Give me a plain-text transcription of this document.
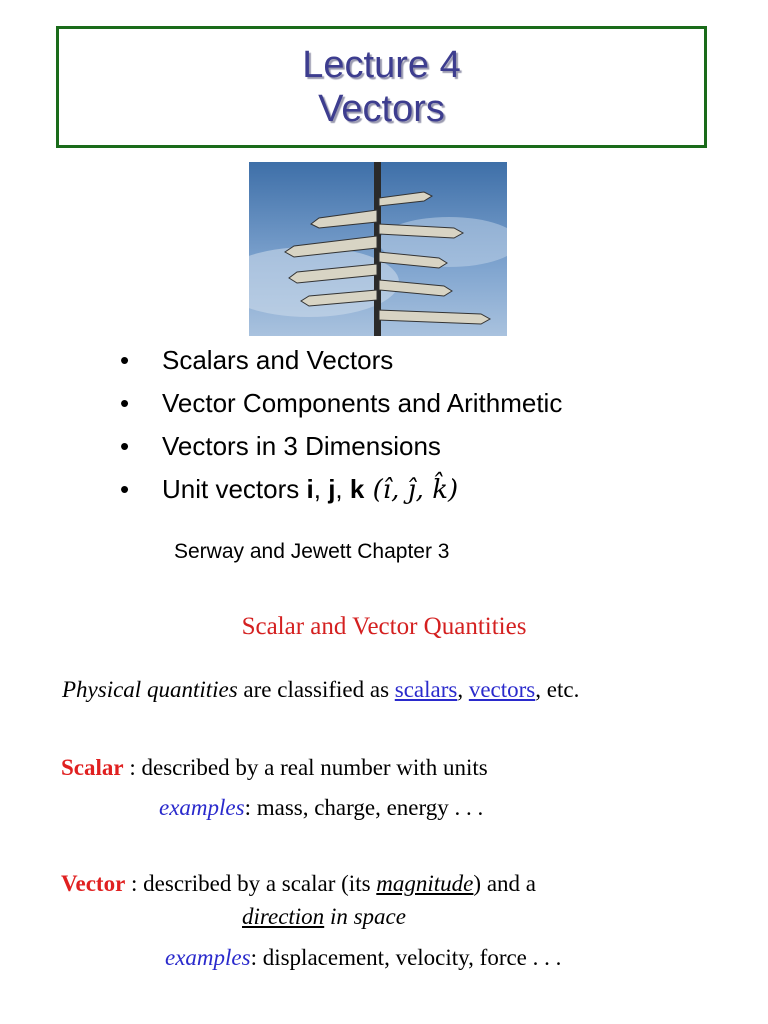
Lecture 4
Vectors
•	Scalars and Vectors
•	Vector Components and Arithmetic
•	Vectors in 3 Dimensions
•	Unit vectors i, j, k (î, ĵ, k̂)
Serway and Jewett Chapter 3
Scalar and Vector Quantities
Physical quantities are classified as scalars, vectors, etc.
Scalar : described by a real number with units
examples: mass, charge, energy . . .
Vector : described by a scalar (its magnitude) and a
direction in space
examples: displacement, velocity, force . . .
